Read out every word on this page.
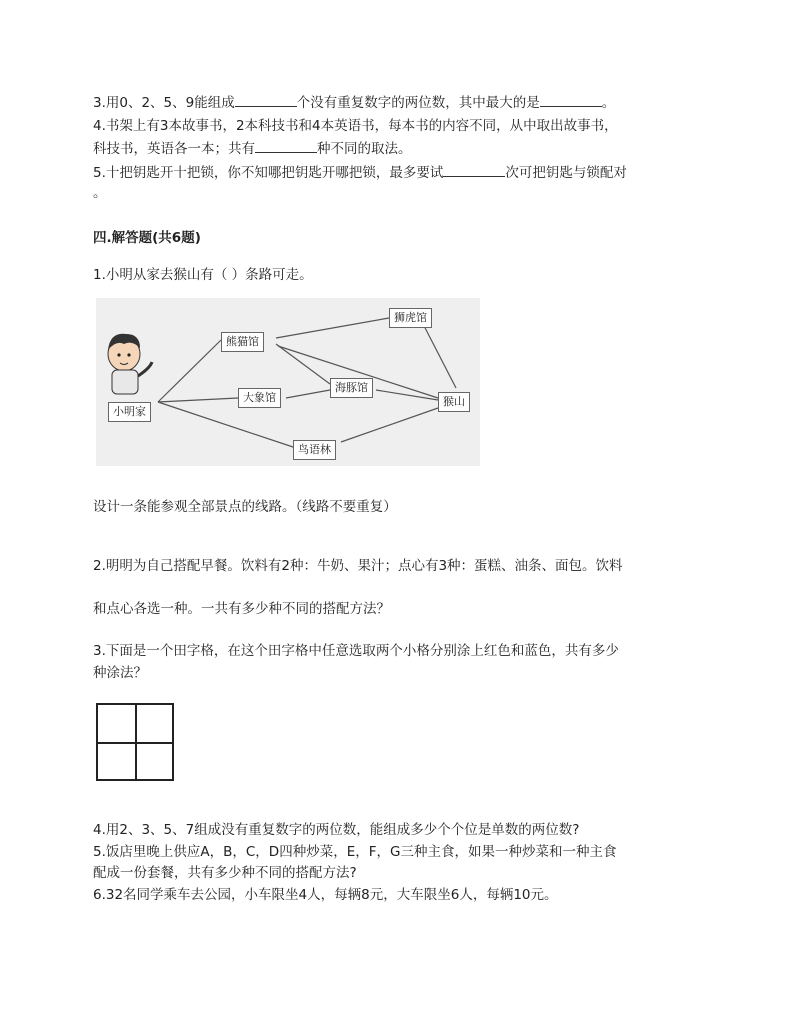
3.用0、2、5、9能组成	个没有重复数字的两位数，其中最大的是	。
4.书架上有3本故事书，2本科技书和4本英语书，每本书的内容不同，从中取出故事书，
科技书，英语各一本；共有	种不同的取法。
5.十把钥匙开十把锁，你不知哪把钥匙开哪把锁，最多要试	次可把钥匙与锁配对
。
四.解答题(共6题)
1.小明从家去猴山有（ ）条路可走。
小明家
熊猫馆
大象馆
海豚馆
狮虎馆
鸟语林
猴山
设计一条能参观全部景点的线路。（线路不要重复）
2.明明为自己搭配早餐。饮料有2种：牛奶、果汁；点心有3种：蛋糕、油条、面包。饮料
和点心各选一种。一共有多少种不同的搭配方法？
3.下面是一个田字格，在这个田字格中任意选取两个小格分别涂上红色和蓝色，共有多少
种涂法？
4.用2、3、5、7组成没有重复数字的两位数，能组成多少个个位是单数的两位数?
5.饭店里晚上供应A，B，C，D四种炒菜，E，F，G三种主食，如果一种炒菜和一种主食
配成一份套餐，共有多少种不同的搭配方法?
6.32名同学乘车去公园，小车限坐4人，每辆8元，大车限坐6人，每辆10元。
